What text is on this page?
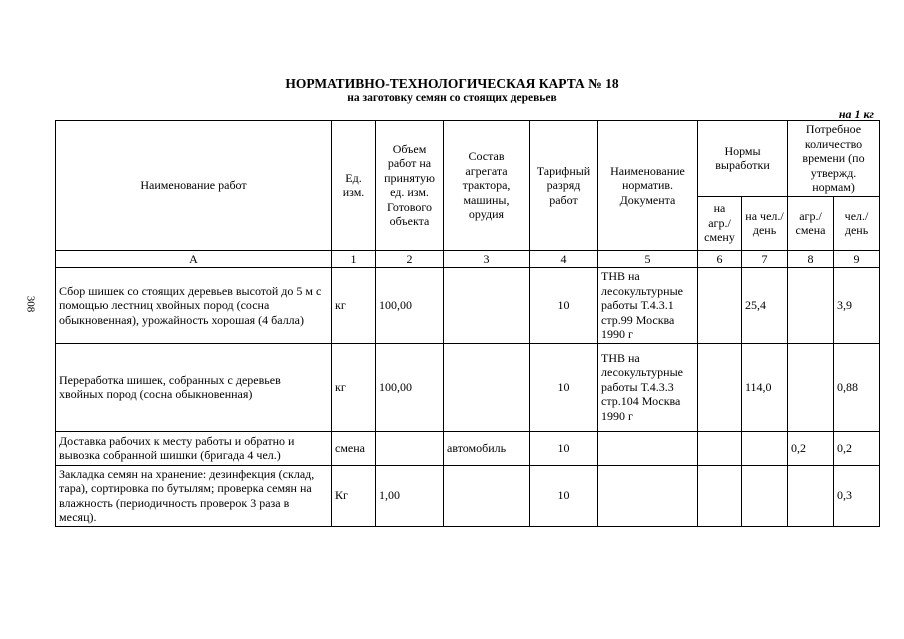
308
НОРМАТИВНО-ТЕХНОЛОГИЧЕСКАЯ КАРТА № 18
на заготовку семян со стоящих деревьев
на 1 кг
Наименование работ	Ед. изм.	Объем работ на принятую ед. изм. Готового объекта	Состав агрегата трактора, машины, орудия	Тарифный разряд работ	Наименование норматив. Документа	Нормы выработки		Потребное количество времени (по утвержд. нормам)	
						на агр./ смену	на чел./ день	агр./ смена	чел./ день
А	1	2	3	4	5	6	7	8	9
Сбор шишек со стоящих деревьев высотой до 5 м с помощью лестниц хвойных пород (сосна обыкновенная), урожайность хорошая (4 балла)	кг	100,00		10	ТНВ на лесокультурные работы Т.4.3.1 стр.99 Москва 1990 г		25,4		3,9
Переработка шишек, собранных с деревьев хвойных пород (сосна обыкновенная)	кг	100,00		10	ТНВ на лесокультурные работы Т.4.3.3 стр.104 Москва 1990 г		114,0		0,88
Доставка рабочих к месту работы и обратно и вывозка собранной шишки (бригада 4 чел.)	смена		автомобиль	10				0,2	0,2
Закладка семян на хранение: дезинфекция (склад, тара), сортировка по бутылям; проверка семян на влажность (периодичность проверок 3 раза в месяц).	Кг	1,00		10					0,3
